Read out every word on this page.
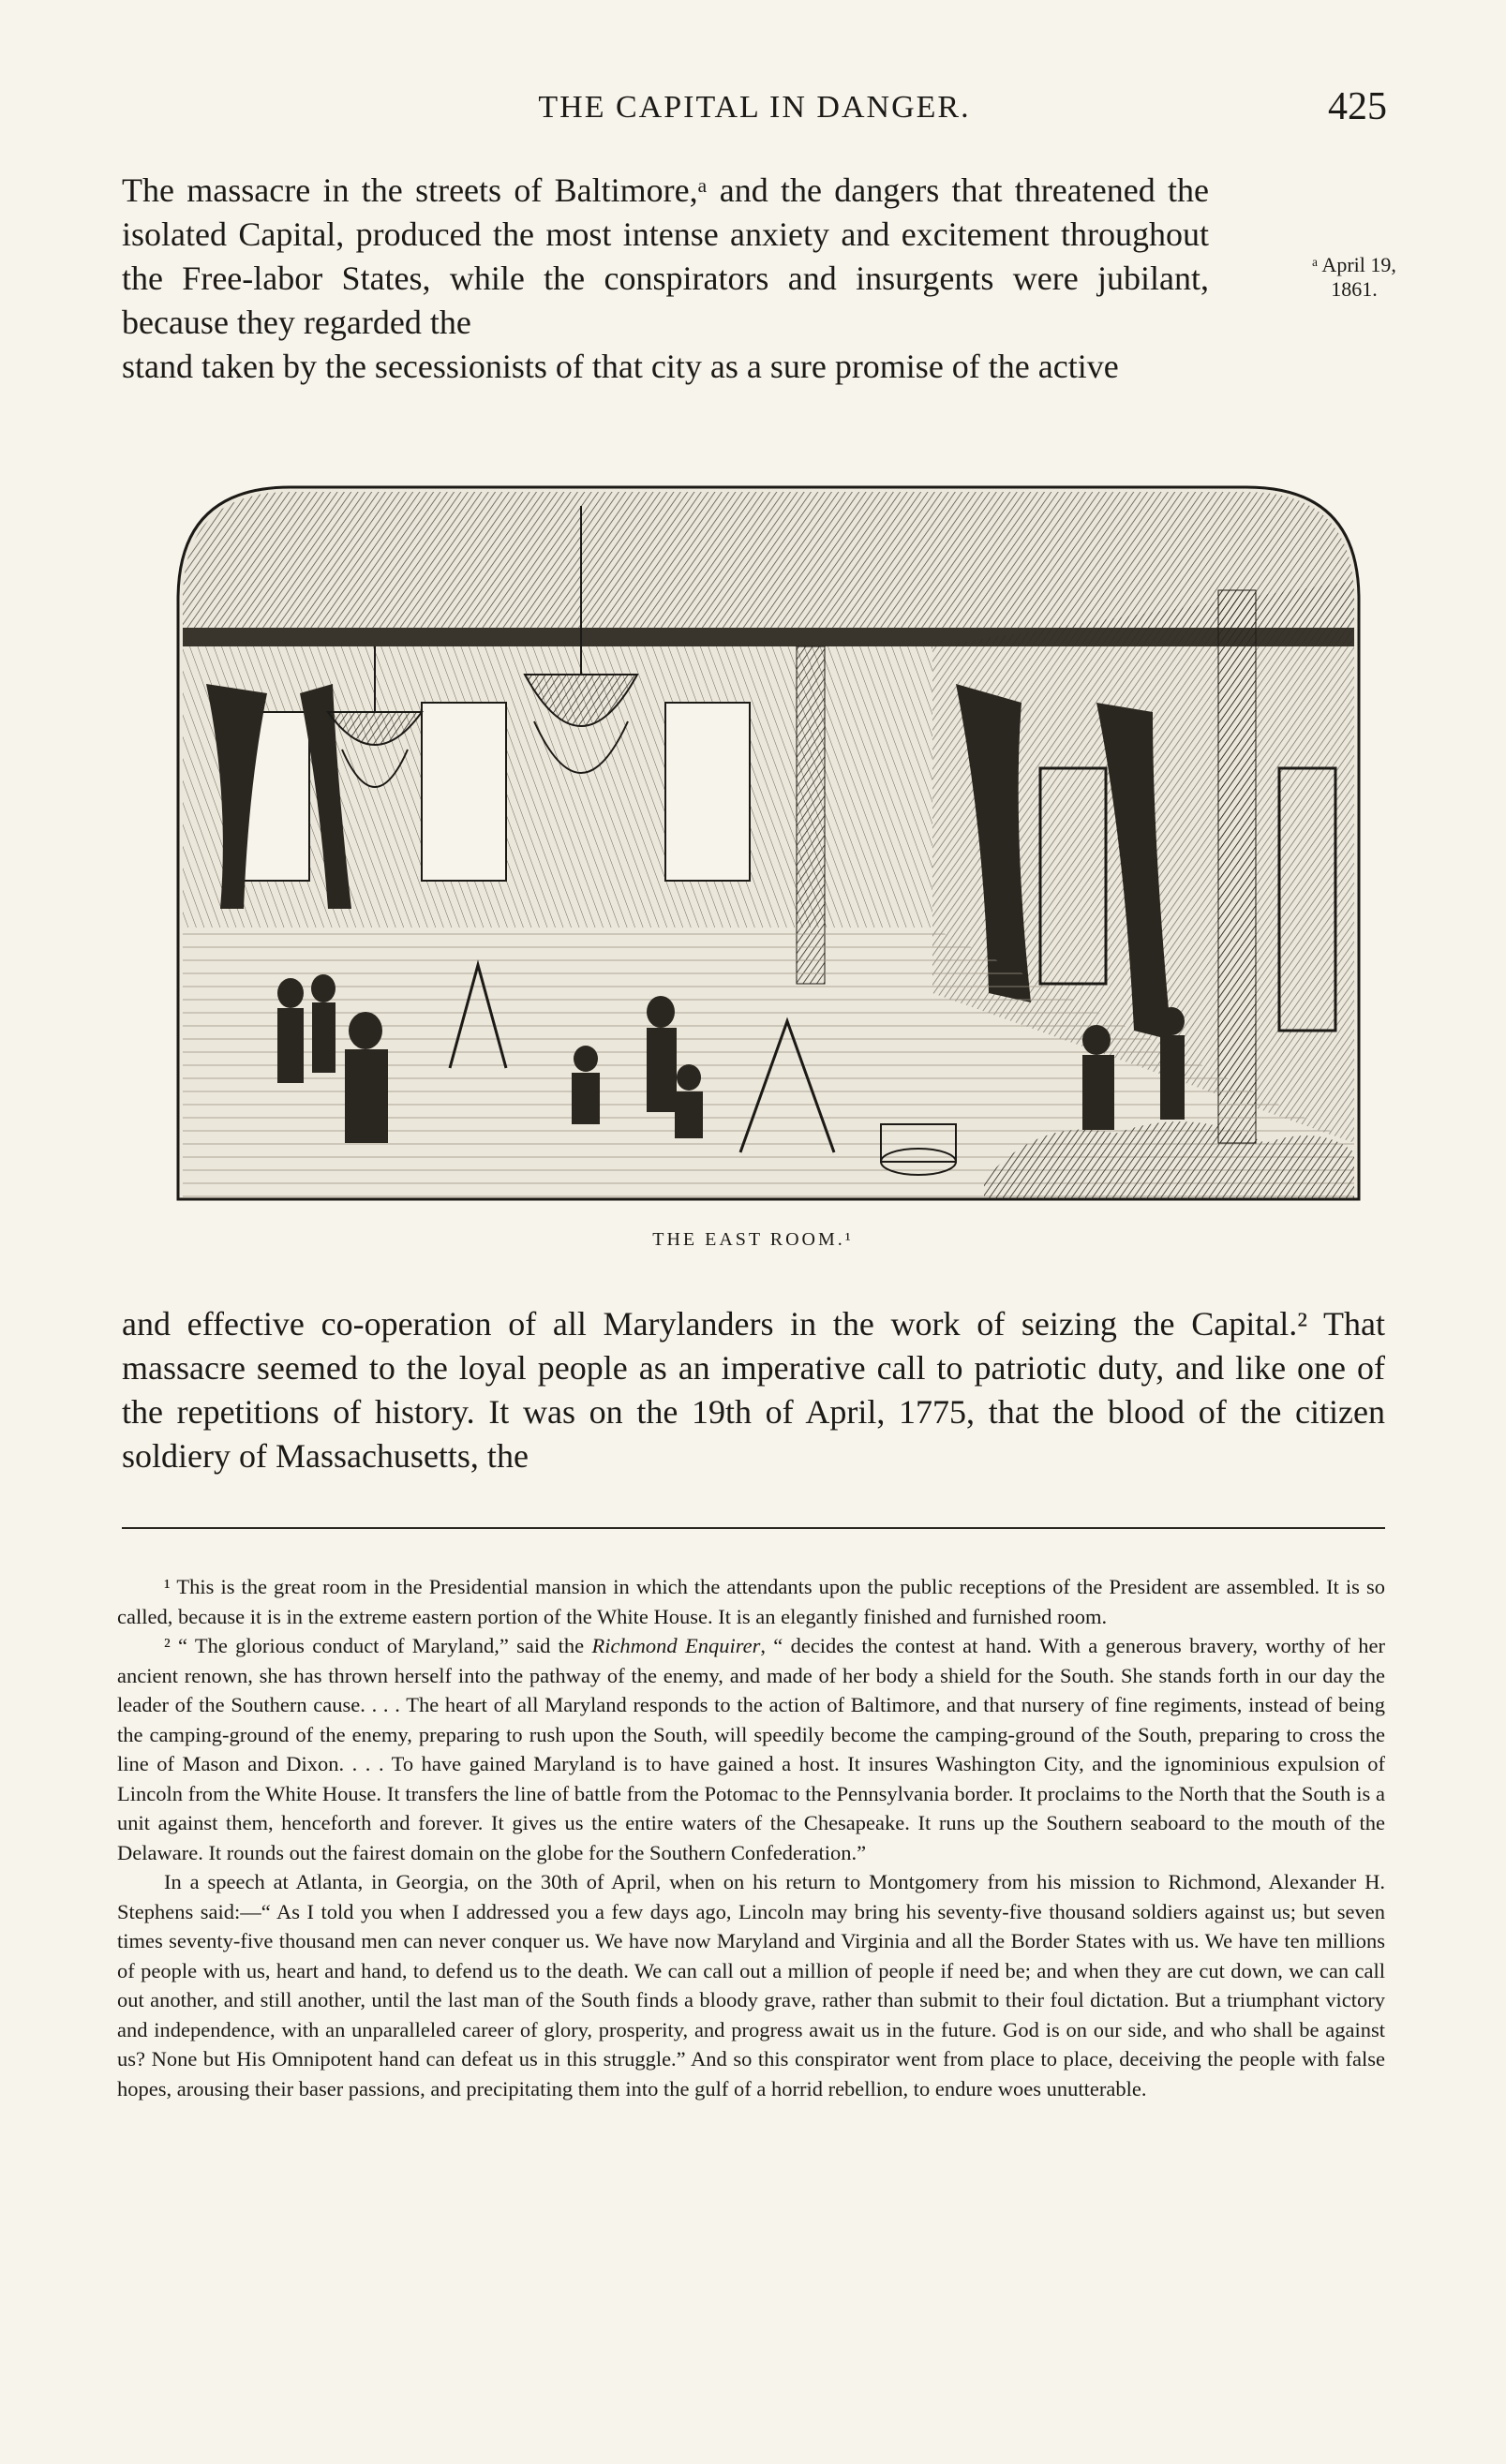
THE CAPITAL IN DANGER.	425
The massacre in the streets of Baltimore,ᵃ and the dangers that threatened the isolated Capital, produced the most intense anxiety and excitement throughout the Free-labor States, while the conspirators and insurgents were jubilant, because they regarded the
stand taken by the secessionists of that city as a sure promise of the active
ᵃ April 19, 1861.
THE EAST ROOM.¹
and effective co-operation of all Marylanders in the work of seizing the Capital.² That massacre seemed to the loyal people as an imperative call to patriotic duty, and like one of the repetitions of history. It was on the 19th of April, 1775, that the blood of the citizen soldiery of Massachusetts, the

¹ This is the great room in the Presidential mansion in which the attendants upon the public receptions of the President are assembled. It is so called, because it is in the extreme eastern portion of the White House. It is an elegantly finished and furnished room.

² “ The glorious conduct of Maryland,” said the Richmond Enquirer, “ decides the contest at hand. With a generous bravery, worthy of her ancient renown, she has thrown herself into the pathway of the enemy, and made of her body a shield for the South. She stands forth in our day the leader of the Southern cause. . . . The heart of all Maryland responds to the action of Baltimore, and that nursery of fine regiments, instead of being the camping-ground of the enemy, preparing to rush upon the South, will speedily become the camping-ground of the South, preparing to cross the line of Mason and Dixon. . . . To have gained Maryland is to have gained a host. It insures Washington City, and the ignominious expulsion of Lincoln from the White House. It transfers the line of battle from the Potomac to the Pennsylvania border. It proclaims to the North that the South is a unit against them, henceforth and forever. It gives us the entire waters of the Chesapeake. It runs up the Southern seaboard to the mouth of the Delaware. It rounds out the fairest domain on the globe for the Southern Confederation.”

In a speech at Atlanta, in Georgia, on the 30th of April, when on his return to Montgomery from his mission to Richmond, Alexander H. Stephens said:—“ As I told you when I addressed you a few days ago, Lincoln may bring his seventy-five thousand soldiers against us; but seven times seventy-five thousand men can never conquer us. We have now Maryland and Virginia and all the Border States with us. We have ten millions of people with us, heart and hand, to defend us to the death. We can call out a million of people if need be; and when they are cut down, we can call out another, and still another, until the last man of the South finds a bloody grave, rather than submit to their foul dictation. But a triumphant victory and independence, with an unparalleled career of glory, prosperity, and progress await us in the future. God is on our side, and who shall be against us? None but His Omnipotent hand can defeat us in this struggle.” And so this conspirator went from place to place, deceiving the people with false hopes, arousing their baser passions, and precipitating them into the gulf of a horrid rebellion, to endure woes unutterable.
